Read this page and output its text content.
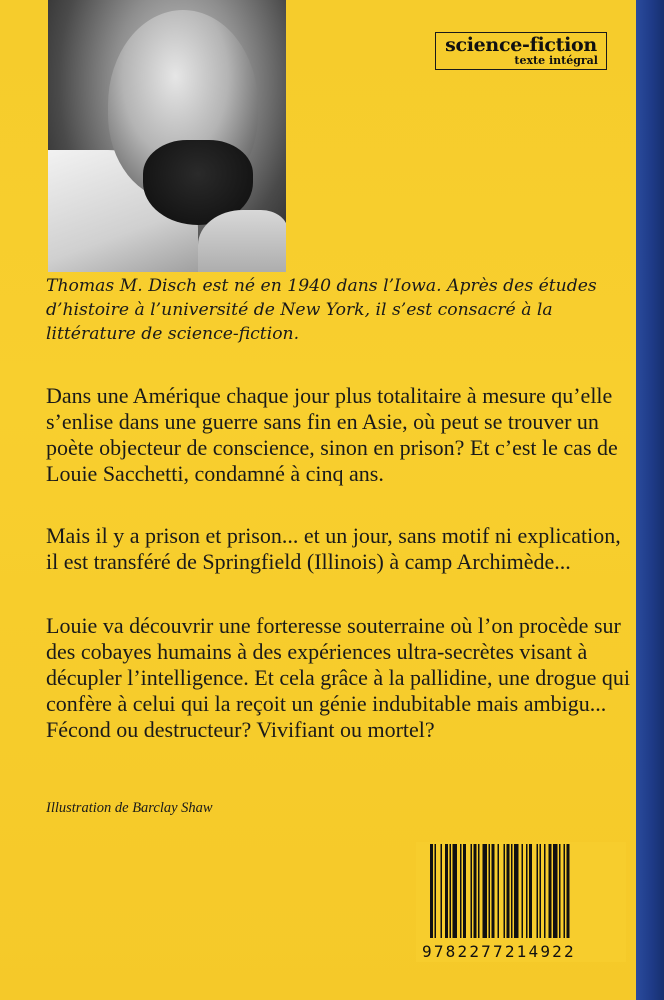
science-fiction
texte intégral

Thomas M. Disch est né en 1940 dans l’Iowa. Après des études d’histoire à l’université de New York, il s’est consacré à la littérature de science-fiction.

Dans une Amérique chaque jour plus totalitaire à mesure qu’elle s’enlise dans une guerre sans fin en Asie, où peut se trouver un poète objecteur de conscience, sinon en prison? Et c’est le cas de Louie Sacchetti, condamné à cinq ans.

Mais il y a prison et prison... et un jour, sans motif ni explication, il est transféré de Springfield (Illinois) à camp Archimède...

Louie va découvrir une forteresse souterraine où l’on procède sur des cobayes humains à des expériences ultra-secrètes visant à décupler l’intelligence. Et cela grâce à la pallidine, une drogue qui confère à celui qui la reçoit un génie indubitable mais ambigu... Fécond ou destructeur? Vivifiant ou mortel?

Illustration de Barclay Shaw
9782277214922
